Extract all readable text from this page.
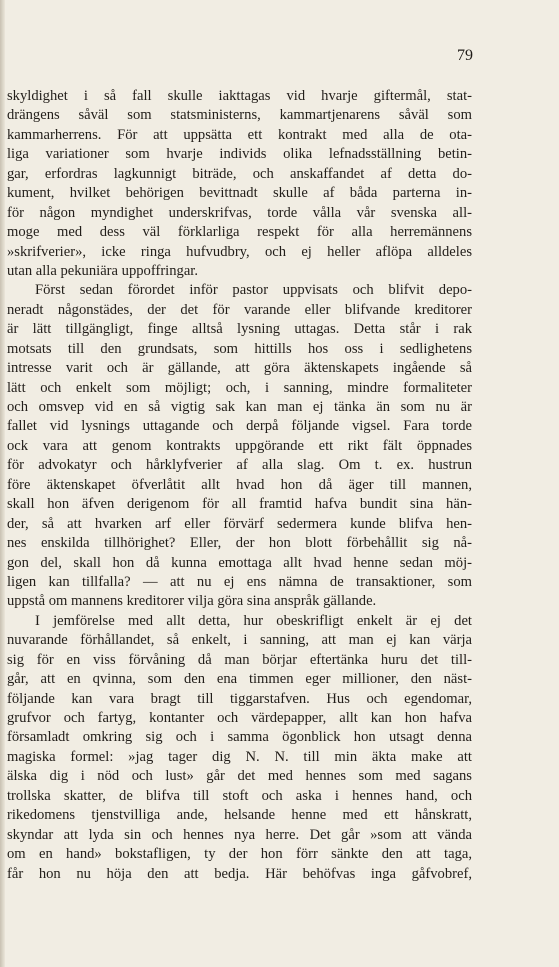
79
skyldighet i så fall skulle iakttagas vid hvarje giftermål, stat-
drängens såväl som statsministerns, kammartjenarens såväl som
kammarherrens. För att uppsätta ett kontrakt med alla de ota-
liga variationer som hvarje individs olika lefnadsställning betin-
gar, erfordras lagkunnigt biträde, och anskaffandet af detta do-
kument, hvilket behörigen bevittnadt skulle af båda parterna in-
för någon myndighet underskrifvas, torde vålla vår svenska all-
moge med dess väl förklarliga respekt för alla herremännens
»skrifverier», icke ringa hufvudbry, och ej heller aflöpa alldeles
utan alla pekuniära uppoffringar.
Först sedan förordet inför pastor uppvisats och blifvit depo-
neradt någonstädes, der det för varande eller blifvande kreditorer
är lätt tillgängligt, finge alltså lysning uttagas. Detta står i rak
motsats till den grundsats, som hittills hos oss i sedlighetens
intresse varit och är gällande, att göra äktenskapets ingående så
lätt och enkelt som möjligt; och, i sanning, mindre formaliteter
och omsvep vid en så vigtig sak kan man ej tänka än som nu är
fallet vid lysnings uttagande och derpå följande vigsel. Fara torde
ock vara att genom kontrakts uppgörande ett rikt fält öppnades
för advokatyr och hårklyfverier af alla slag. Om t. ex. hustrun
före äktenskapet öfverlåtit allt hvad hon då äger till mannen,
skall hon äfven derigenom för all framtid hafva bundit sina hän-
der, så att hvarken arf eller förvärf sedermera kunde blifva hen-
nes enskilda tillhörighet? Eller, der hon blott förbehållit sig nå-
gon del, skall hon då kunna emottaga allt hvad henne sedan möj-
ligen kan tillfalla? — att nu ej ens nämna de transaktioner, som
uppstå om mannens kreditorer vilja göra sina anspråk gällande.
I jemförelse med allt detta, hur obeskrifligt enkelt är ej det
nuvarande förhållandet, så enkelt, i sanning, att man ej kan värja
sig för en viss förvåning då man börjar eftertänka huru det till-
går, att en qvinna, som den ena timmen eger millioner, den näst-
följande kan vara bragt till tiggarstafven. Hus och egendomar,
grufvor och fartyg, kontanter och värdepapper, allt kan hon hafva
församladt omkring sig och i samma ögonblick hon utsagt denna
magiska formel: »jag tager dig N. N. till min äkta make att
älska dig i nöd och lust» går det med hennes som med sagans
trollska skatter, de blifva till stoft och aska i hennes hand, och
rikedomens tjenstvilliga ande, helsande henne med ett hånskratt,
skyndar att lyda sin och hennes nya herre. Det går »som att vända
om en hand» bokstafligen, ty der hon förr sänkte den att taga,
får hon nu höja den att bedja. Här behöfvas inga gåfvobref,
